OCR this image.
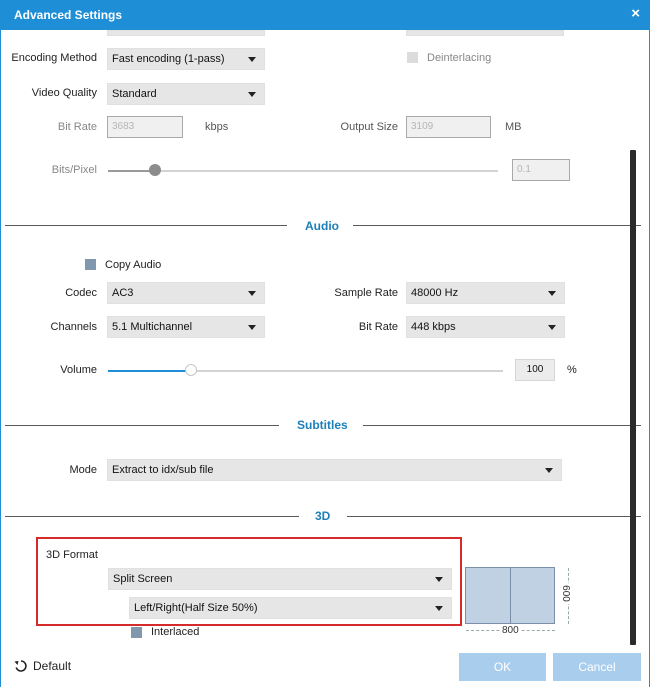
Advanced Settings	×
Encoding Method	Fast encoding (1-pass)	Deinterlacing
Video Quality	Standard
Bit Rate	3683	kbps	Output Size	3109	MB
Bits/Pixel	0.1
Audio
Copy Audio
Codec	AC3	Sample Rate	48000 Hz
Channels	5.1 Multichannel	Bit Rate	448 kbps
Volume	100	%
Subtitles
Mode	Extract to idx/sub file
3D
3D Format
Split Screen
Left/Right(Half Size 50%)
Interlaced	800
600
Default	OK	Cancel
